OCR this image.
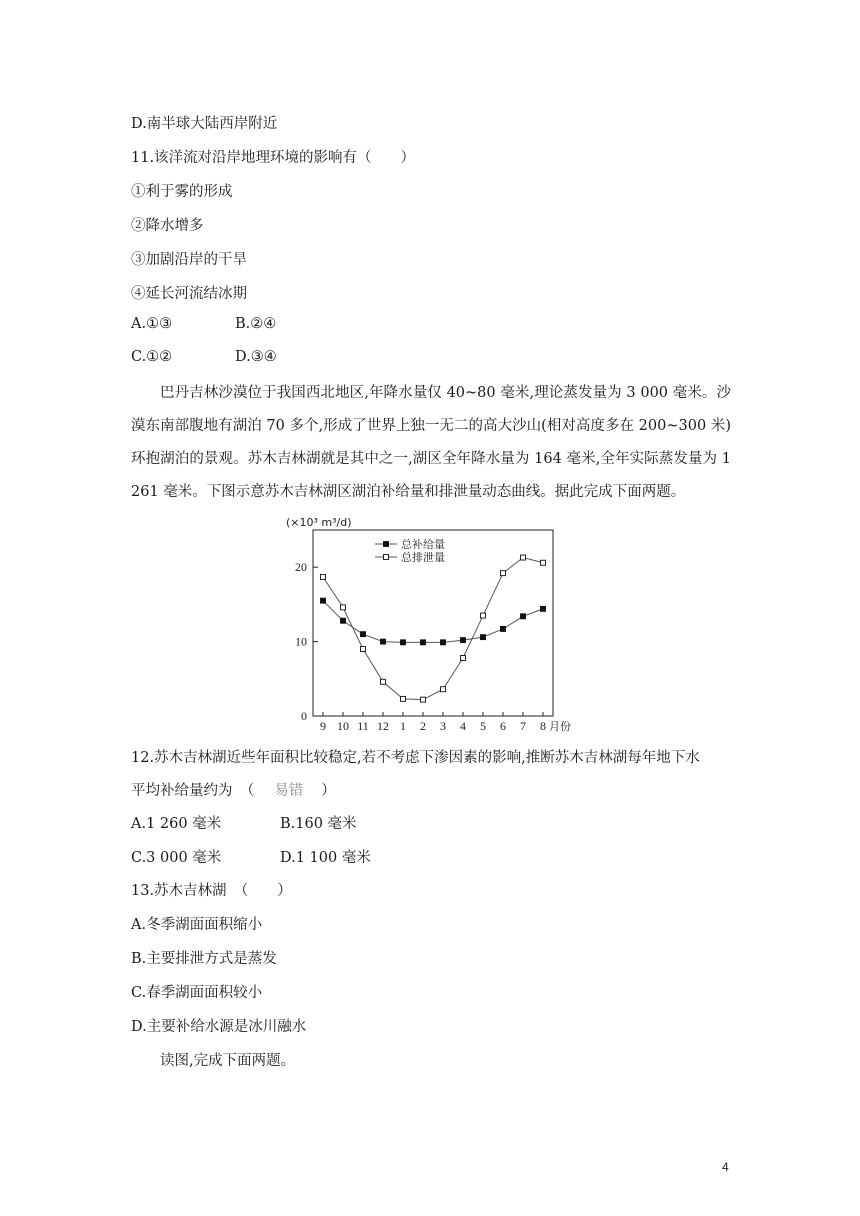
D.南半球大陆西岸附近
11.该洋流对沿岸地理环境的影响有（　　）
①利于雾的形成
②降水增多
③加剧沿岸的干旱
④延长河流结冰期
A.①③	B.②④
C.①②	D.③④
巴丹吉林沙漠位于我国西北地区,年降水量仅 40~80 毫米,理论蒸发量为 3 000 毫米。沙漠东南部腹地有湖泊 70 多个,形成了世界上独一无二的高大沙山(相对高度多在 200~300 米)环抱湖泊的景观。苏木吉林湖就是其中之一,湖区全年降水量为 164 毫米,全年实际蒸发量为 1 261 毫米。下图示意苏木吉林湖区湖泊补给量和排泄量动态曲线。据此完成下面两题。
(×10³ m³/d)
总补给量
总排泄量
0
10
20
9 10 11 12 1 2 3 4 5 6 7 8 月份
12.苏木吉林湖近些年面积比较稳定,若不考虑下渗因素的影响,推断苏木吉林湖每年地下水
平均补给量约为　（ 易错 ）
A.1 260 毫米	B.160 毫米
C.3 000 毫米	D.1 100 毫米
13.苏木吉林湖　（　　）
A.冬季湖面面积缩小
B.主要排泄方式是蒸发
C.春季湖面面积较小
D.主要补给水源是冰川融水
读图,完成下面两题。
4
